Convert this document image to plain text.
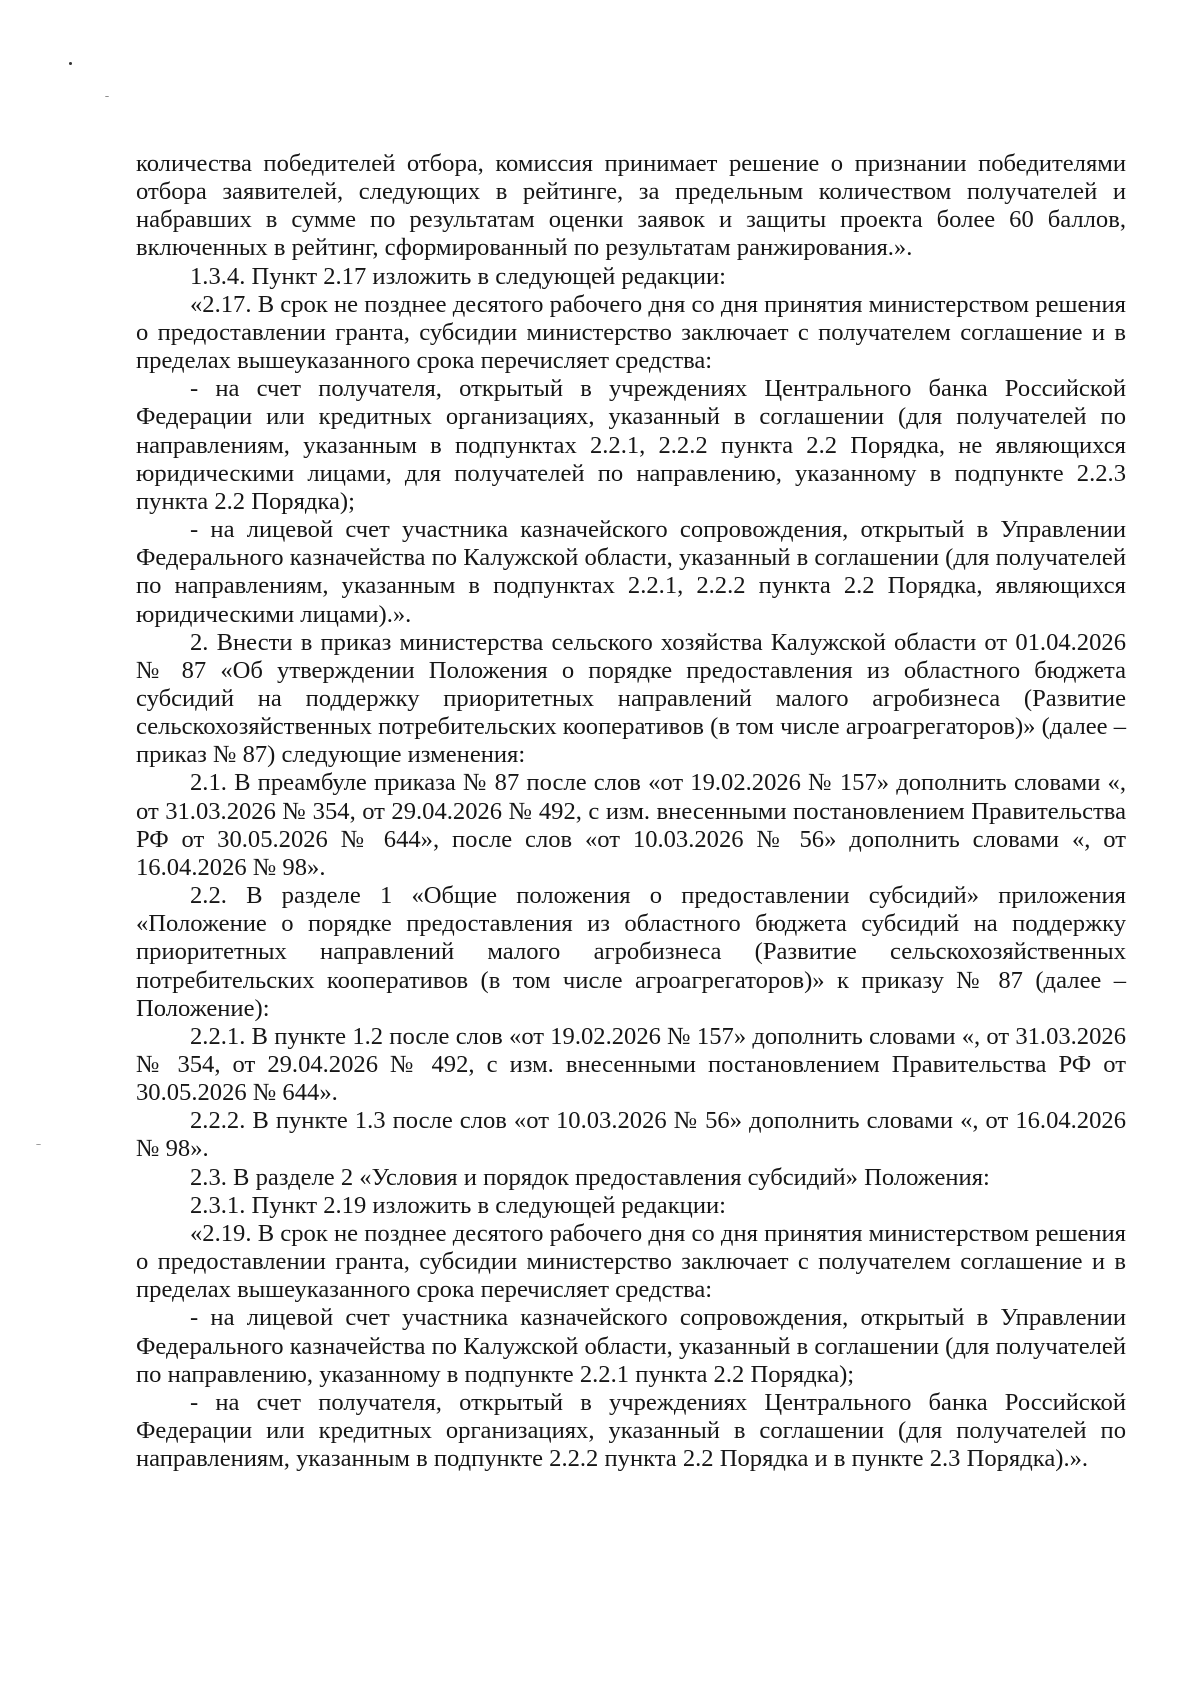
количества победителей отбора, комиссия принимает решение о признании победителями отбора заявителей, следующих в рейтинге, за предельным количеством получателей и набравших в сумме по результатам оценки заявок и защиты проекта более 60 баллов, включенных в рейтинг, сформированный по результатам ранжирования.».

1.3.4. Пункт 2.17 изложить в следующей редакции:

«2.17. В срок не позднее десятого рабочего дня со дня принятия министерством решения о предоставлении гранта, субсидии министерство заключает с получателем соглашение и в пределах вышеуказанного срока перечисляет средства:

- на счет получателя, открытый в учреждениях Центрального банка Российской Федерации или кредитных организациях, указанный в соглашении (для получателей по направлениям, указанным в подпунктах 2.2.1, 2.2.2 пункта 2.2 Порядка, не являющихся юридическими лицами, для получателей по направлению, указанному в подпункте 2.2.3 пункта 2.2 Порядка);

- на лицевой счет участника казначейского сопровождения, открытый в Управлении Федерального казначейства по Калужской области, указанный в соглашении (для получателей по направлениям, указанным в подпунктах 2.2.1, 2.2.2 пункта 2.2 Порядка, являющихся юридическими лицами).».

2. Внести в приказ министерства сельского хозяйства Калужской области от 01.04.2026 № 87 «Об утверждении Положения о порядке предоставления из областного бюджета субсидий на поддержку приоритетных направлений малого агробизнеса (Развитие сельскохозяйственных потребительских кооперативов (в том числе агроагрегаторов)» (далее – приказ № 87) следующие изменения:

2.1. В преамбуле приказа № 87 после слов «от 19.02.2026 № 157» дополнить словами «, от 31.03.2026 № 354, от 29.04.2026 № 492, с изм. внесенными постановлением Правительства РФ от 30.05.2026 № 644», после слов «от 10.03.2026 № 56» дополнить словами «, от 16.04.2026 № 98».

2.2. В разделе 1 «Общие положения о предоставлении субсидий» приложения «Положение о порядке предоставления из областного бюджета субсидий на поддержку приоритетных направлений малого агробизнеса (Развитие сельскохозяйственных потребительских кооперативов (в том числе агроагрегаторов)» к приказу № 87 (далее – Положение):

2.2.1. В пункте 1.2 после слов «от 19.02.2026 № 157» дополнить словами «, от 31.03.2026 № 354, от 29.04.2026 № 492, с изм. внесенными постановлением Правительства РФ от 30.05.2026 № 644».

2.2.2. В пункте 1.3 после слов «от 10.03.2026 № 56» дополнить словами «, от 16.04.2026 № 98».

2.3. В разделе 2 «Условия и порядок предоставления субсидий» Положения:

2.3.1. Пункт 2.19 изложить в следующей редакции:

«2.19. В срок не позднее десятого рабочего дня со дня принятия министерством решения о предоставлении гранта, субсидии министерство заключает с получателем соглашение и в пределах вышеуказанного срока перечисляет средства:

- на лицевой счет участника казначейского сопровождения, открытый в Управлении Федерального казначейства по Калужской области, указанный в соглашении (для получателей по направлению, указанному в подпункте 2.2.1 пункта 2.2 Порядка);

- на счет получателя, открытый в учреждениях Центрального банка Российской Федерации или кредитных организациях, указанный в соглашении (для получателей по направлениям, указанным в подпункте 2.2.2 пункта 2.2 Порядка и в пункте 2.3 Порядка).».
